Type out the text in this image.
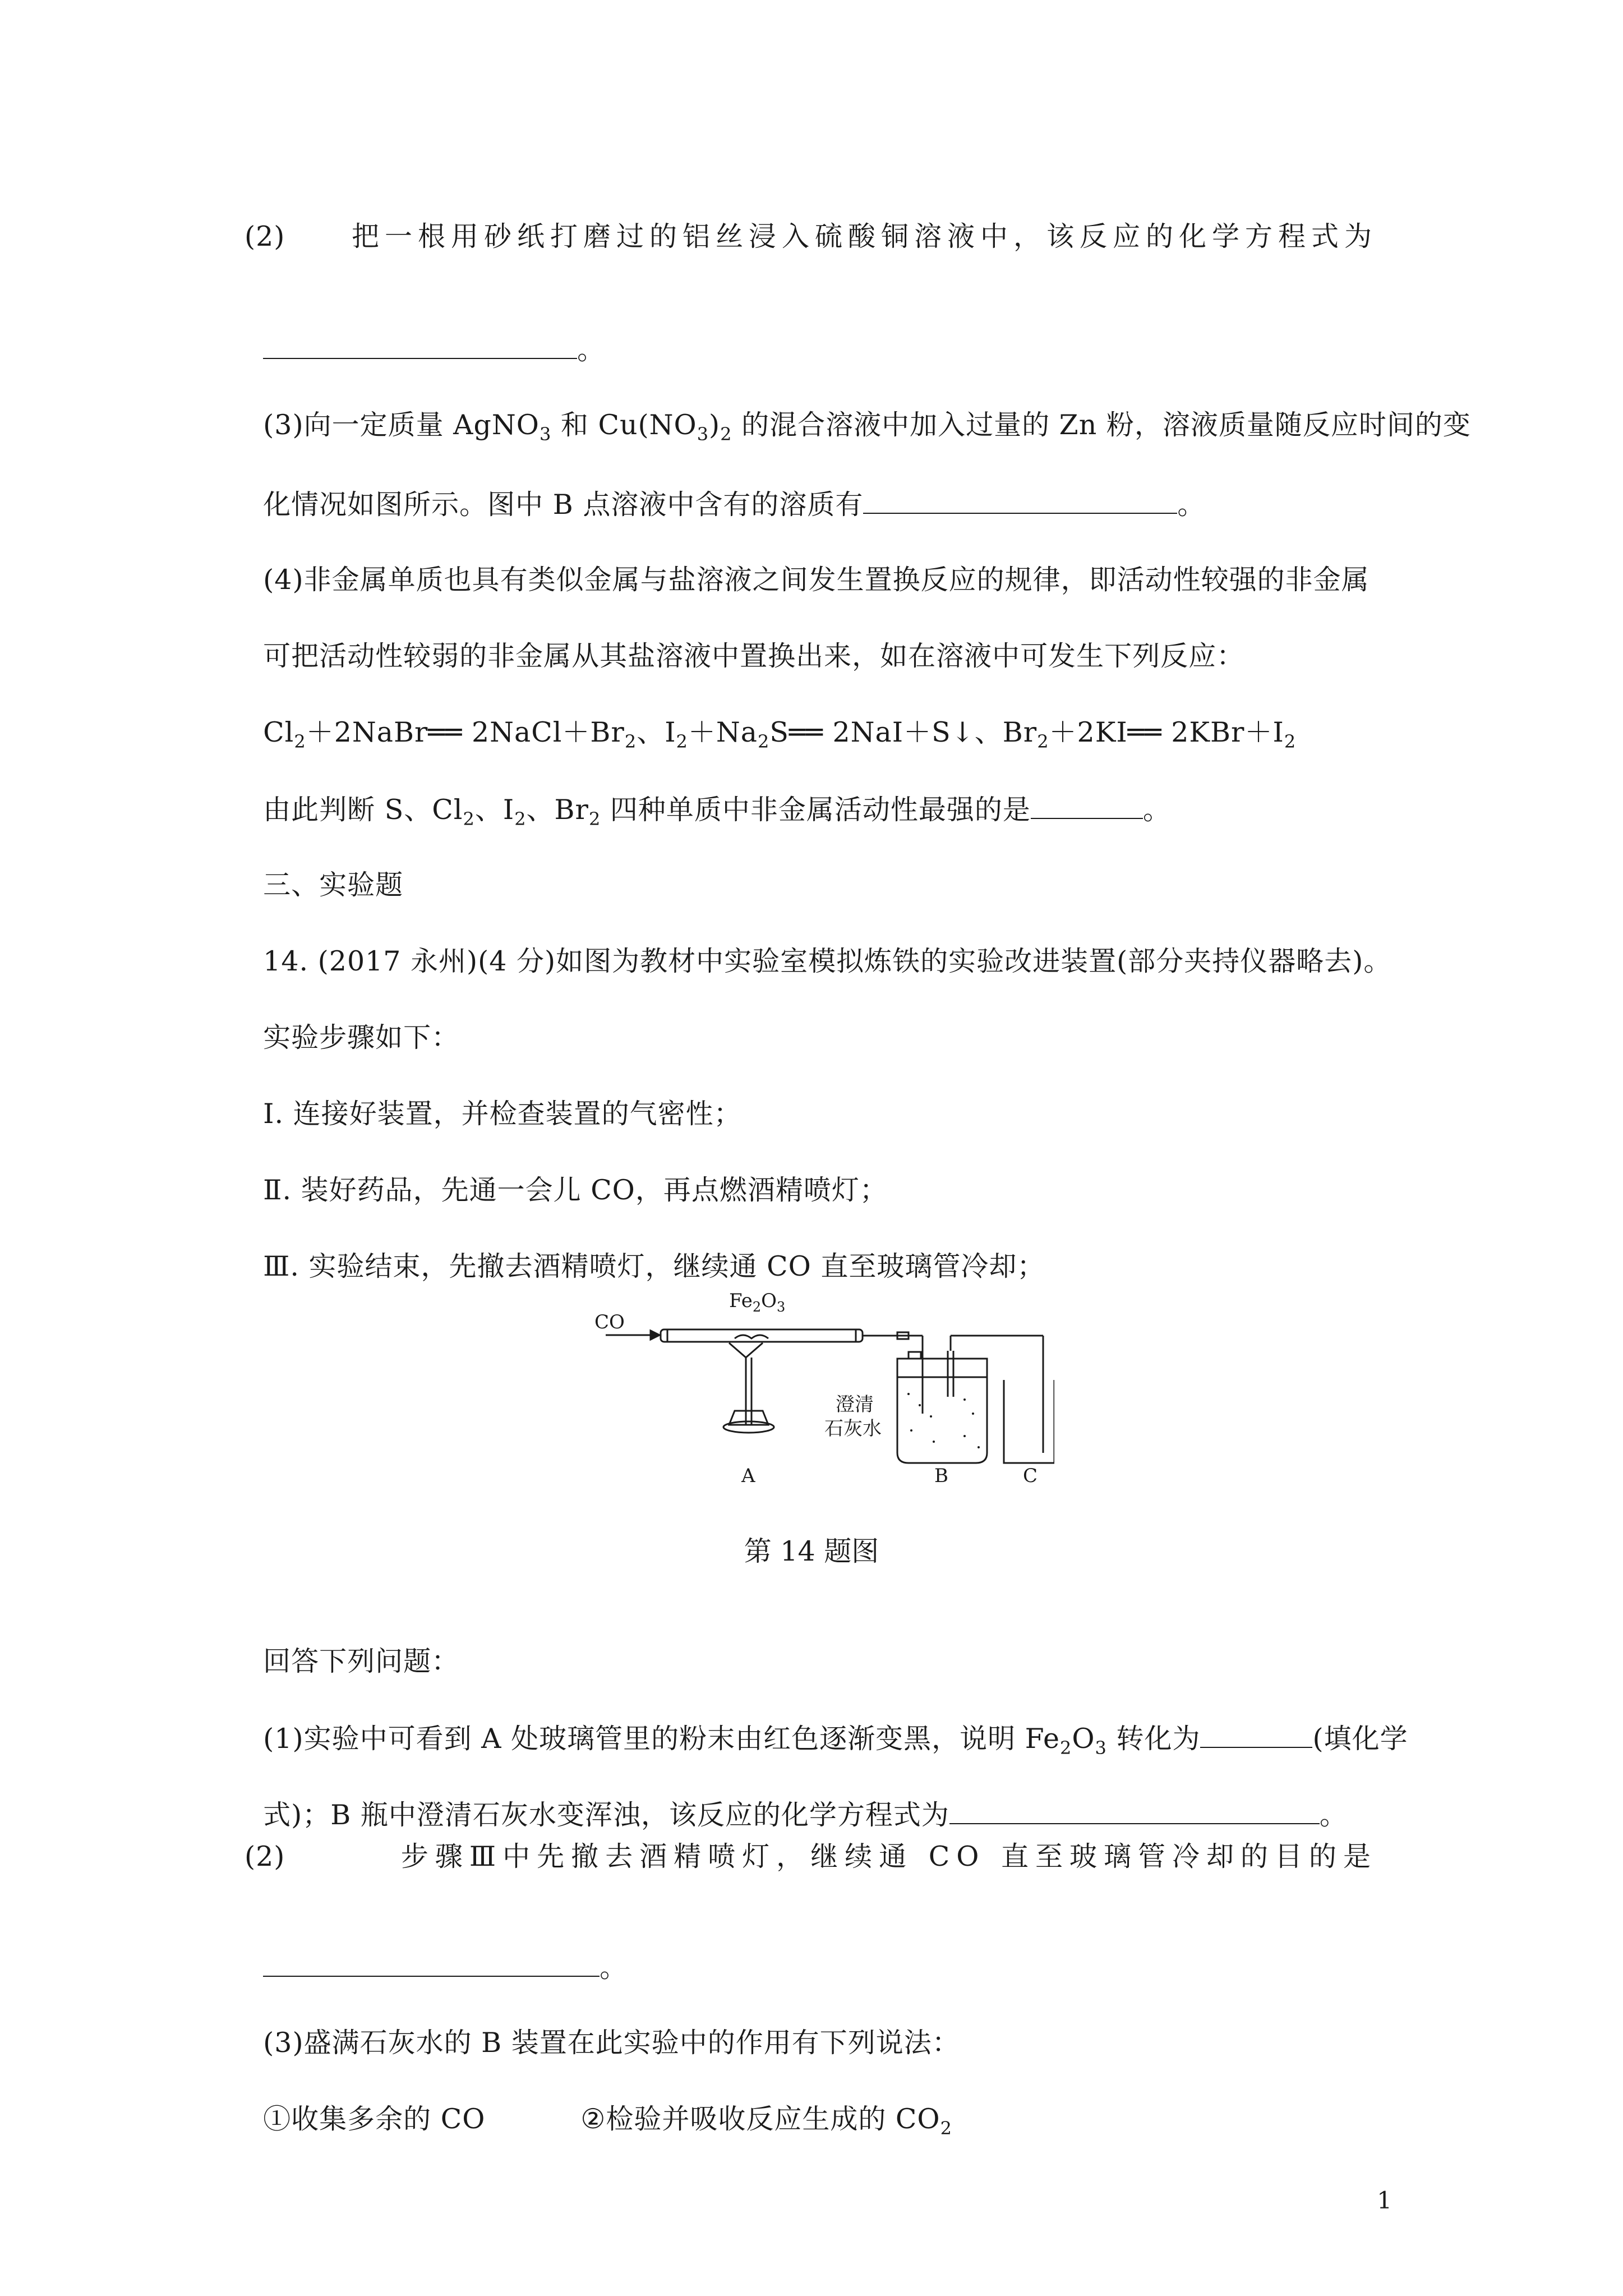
(2) 把一根用砂纸打磨过的铝丝浸入硫酸铜溶液中，该反应的化学方程式为

。

(3)向一定质量 AgNO$_3$ 和 $Cu(NO_3)_2$ 的混合溶液中加入过量的 Zn 粉，溶液质量随反应时间的变

化情况如图所示。图中 B 点溶液中含有的溶质有	。

(4)非金属单质也具有类似金属与盐溶液之间发生置换反应的规律，即活动性较强的非金属

可把活动性较弱的非金属从其盐溶液中置换出来，如在溶液中可发生下列反应：

$Cl_2+2NaBr══$ $2NaCl+Br_2$、$I_2+Na_2S══$ 2NaI＋S↓、$Br_2+2KI══$ $2KBr+I_2$

由此判断 S、$Cl_2$、$I_2$、$Br_2$ 四种单质中非金属活动性最强的是	。

三、实验题

14. (2017 永州)(4 分)如图为教材中实验室模拟炼铁的实验改进装置(部分夹持仪器略去)。

实验步骤如下：

Ⅰ. 连接好装置，并检查装置的气密性；

Ⅱ. 装好药品，先通一会儿 CO，再点燃酒精喷灯；

Ⅲ. 实验结束，先撤去酒精喷灯，继续通 CO 直至玻璃管冷却；

CO
$Fe_2O_3$
澄清
石灰水
A	B	C
第 14 题图

回答下列问题：

(1)实验中可看到 A 处玻璃管里的粉末由红色逐渐变黑，说明 $Fe_2O_3$ 转化为	(填化学

式)；B 瓶中澄清石灰水变浑浊，该反应的化学方程式为	。

(2)	步骤Ⅲ中先撤去酒精喷灯，继续通 CO 直至玻璃管冷却的目的是

。

(3)盛满石灰水的 B 装置在此实验中的作用有下列说法：

①收集多余的 CO	②检验并吸收反应生成的 $CO_2$

1
